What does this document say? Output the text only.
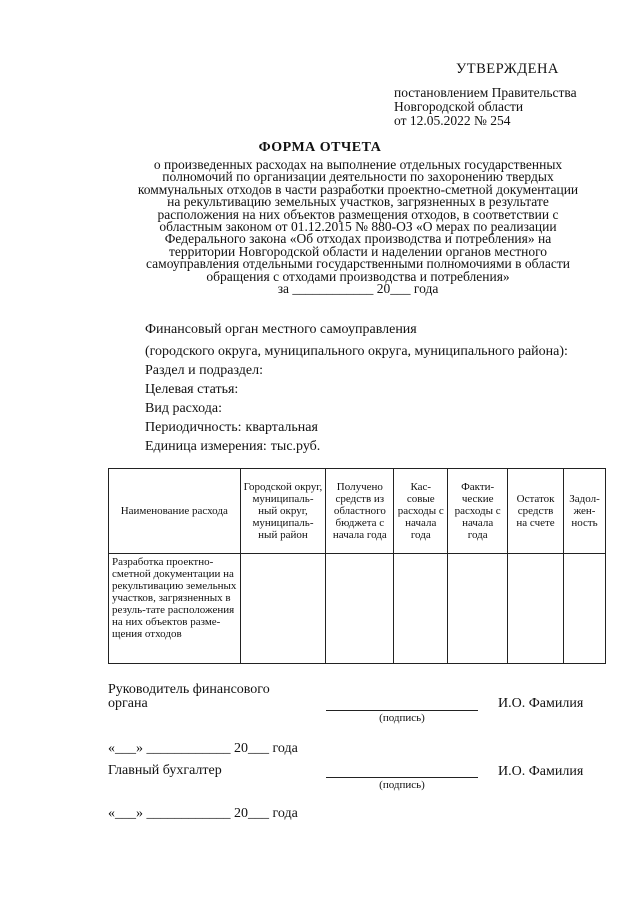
УТВЕРЖДЕНА
постановлением Правительства
Новгородской области
от 12.05.2022 № 254
ФОРМА ОТЧЕТА
о произведенных расходах на выполнение отдельных государственных
полномочий по организации деятельности по захоронению твердых
коммунальных отходов в части разработки проектно-сметной документации
на рекультивацию земельных участков, загрязненных в результате
расположения на них объектов размещения отходов, в соответствии с
областным законом от 01.12.2015 № 880-ОЗ «О мерах по реализации
Федерального закона «Об отходах производства и потребления» на
территории Новгородской области и наделении органов местного
самоуправления отдельными государственными полномочиями в области
обращения с отходами производства и потребления»
за ____________ 20___ года
Финансовый орган местного самоуправления
(городского округа, муниципального округа, муниципального района):
Раздел и подраздел:
Целевая статья:
Вид расхода:
Периодичность: квартальная
Единица измерения: тыс.руб.
Наименование расхода	Городской округ, муниципаль-ный округ, муниципаль-ный район	Получено средств из областного бюджета с начала года	Кас-совые расходы с начала года	Факти-ческие расходы с начала года	Остаток средств на счете	Задол-жен-ность
Разработка проектно-сметной документации на рекультивацию земельных участков, загрязненных в резуль-тате расположения на них объектов разме-щения отходов						
Руководитель финансового
органа
(подпись)
И.О. Фамилия
«___» ____________ 20___ года
Главный бухгалтер
(подпись)
И.О. Фамилия
«___» ____________ 20___ года
